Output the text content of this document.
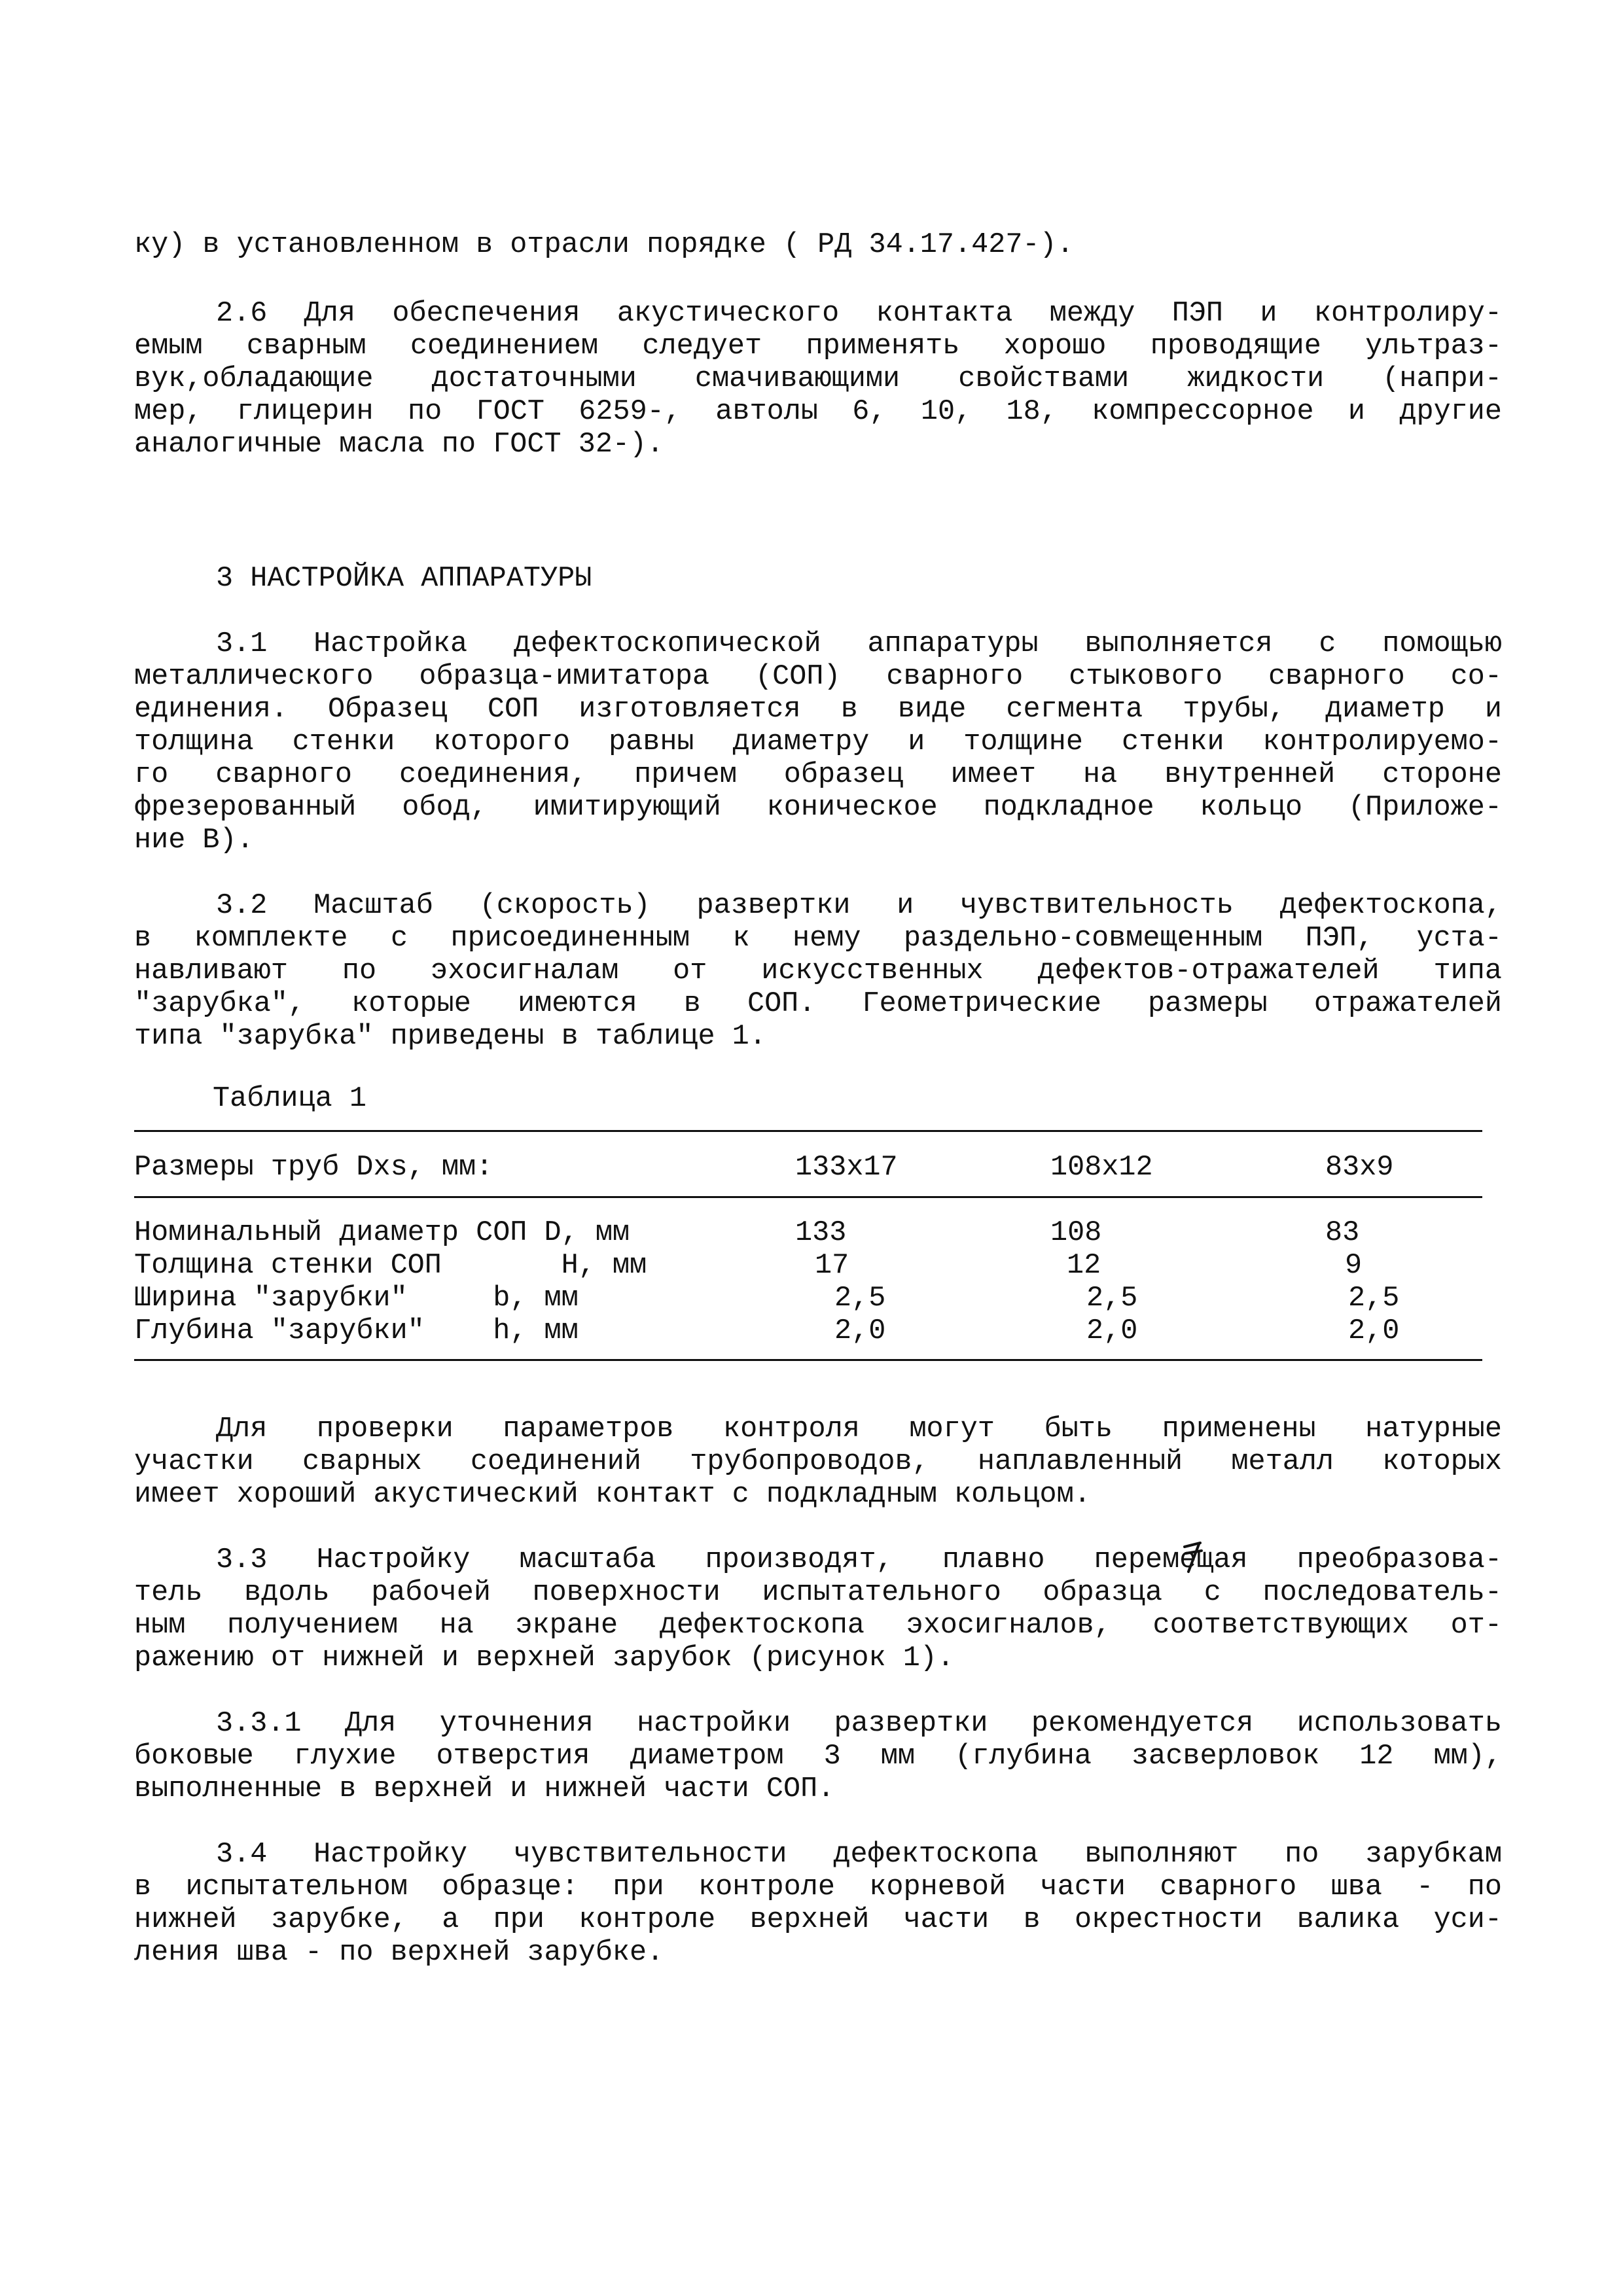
ку) в установленном в отрасли порядке ( РД 34.17.427-).

2.6 Для обеспечения акустического контакта между ПЭП и контролиру-

емым сварным соединением следует применять хорошо проводящие ультраз-

вук,обладающие достаточными смачивающими свойствами жидкости (напри-

мер, глицерин по ГОСТ 6259-, автолы 6, 10, 18, компрессорное и другие

аналогичные масла по ГОСТ 32-).

3 НАСТРОЙКА АППАРАТУРЫ

3.1 Настройка дефектоскопической аппаратуры выполняется с помощью

металлического образца-имитатора (СОП) сварного стыкового сварного со-

единения. Образец СОП изготовляется в виде сегмента трубы, диаметр и

толщина стенки которого равны диаметру и толщине стенки контролируемо-

го сварного соединения, причем образец имеет на внутренней стороне

фрезерованный обод, имитирующий коническое подкладное кольцо (Приложе-

ние В).

3.2 Масштаб (скорость) развертки и чувствительность дефектоскопа,

в комплекте с присоединенным к нему раздельно-совмещенным ПЭП, уста-

навливают по эхосигналам от искусственных дефектов-отражателей типа

"зарубка", которые имеются в СОП. Геометрические размеры отражателей

типа "зарубка" приведены в таблице 1.

Таблица 1

Размеры труб Dxs, мм:	133x17	108x12	83x9

Номинальный диаметр СОП D, мм	133	108	83

Толщина стенки СОП       H, мм	17	12	9

Ширина "зарубки"     b, мм	2,5	2,5	2,5

Глубина "зарубки"    h, мм	2,0	2,0	2,0

Для проверки параметров контроля могут быть применены натурные

участки сварных соединений трубопроводов, наплавленный металл которых

имеет хороший акустический контакт с подкладным кольцом.

3.3 Настройку масштаба производят, плавно перемещая преобразова-

тель вдоль рабочей поверхности испытательного образца с последователь-

ным получением на экране дефектоскопа эхосигналов, соответствующих от-

ражению от нижней и верхней зарубок (рисунок 1).

3.3.1 Для уточнения настройки развертки рекомендуется использовать

боковые глухие отверстия диаметром 3 мм (глубина засверловок 12 мм),

выполненные в верхней и нижней части СОП.

3.4 Настройку чувствительности дефектоскопа выполняют по зарубкам

в испытательном образце: при контроле корневой части сварного шва - по

нижней зарубке, а при контроле верхней части в окрестности валика уси-

ления шва - по верхней зарубке.
